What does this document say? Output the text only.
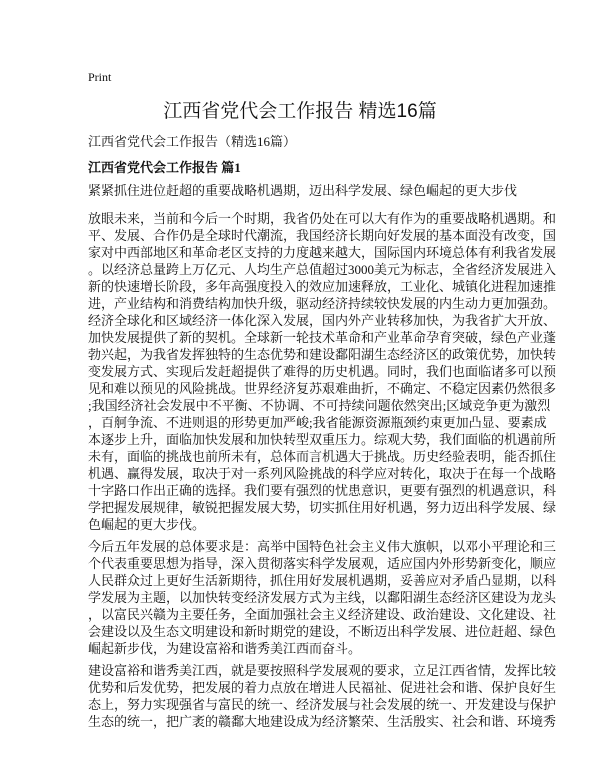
Print
江西省党代会工作报告 精选16篇
江西省党代会工作报告（精选16篇）
江西省党代会工作报告 篇1
紧紧抓住进位赶超的重要战略机遇期，迈出科学发展、绿色崛起的更大步伐
放眼未来，当前和今后一个时期，我省仍处在可以大有作为的重要战略机遇期。和
平、发展、合作仍是全球时代潮流，我国经济长期向好发展的基本面没有改变，国
家对中西部地区和革命老区支持的力度越来越大，国际国内环境总体有利我省发展
。以经济总量跨上万亿元、人均生产总值超过3000美元为标志，全省经济发展进入
新的快速增长阶段，多年高强度投入的效应加速释放，工业化、城镇化进程加速推
进，产业结构和消费结构加快升级，驱动经济持续较快发展的内生动力更加强劲。
经济全球化和区域经济一体化深入发展，国内外产业转移加快，为我省扩大开放、
加快发展提供了新的契机。全球新一轮技术革命和产业革命孕育突破，绿色产业蓬
勃兴起，为我省发挥独特的生态优势和建设鄱阳湖生态经济区的政策优势，加快转
变发展方式、实现后发赶超提供了难得的历史机遇。同时，我们也面临诸多可以预
见和难以预见的风险挑战。世界经济复苏艰难曲折，不确定、不稳定因素仍然很多
;我国经济社会发展中不平衡、不协调、不可持续问题依然突出;区域竞争更为激烈
，百舸争流、不进则退的形势更加严峻;我省能源资源瓶颈约束更加凸显、要素成
本逐步上升，面临加快发展和加快转型双重压力。综观大势，我们面临的机遇前所
未有，面临的挑战也前所未有，总体而言机遇大于挑战。历史经验表明，能否抓住
机遇、赢得发展，取决于对一系列风险挑战的科学应对转化，取决于在每一个战略
十字路口作出正确的选择。我们要有强烈的忧患意识，更要有强烈的机遇意识，科
学把握发展规律，敏锐把握发展大势，切实抓住用好机遇，努力迈出科学发展、绿
色崛起的更大步伐。
今后五年发展的总体要求是：高举中国特色社会主义伟大旗帜，以邓小平理论和三
个代表重要思想为指导，深入贯彻落实科学发展观，适应国内外形势新变化，顺应
人民群众过上更好生活新期待，抓住用好发展机遇期，妥善应对矛盾凸显期，以科
学发展为主题，以加快转变经济发展方式为主线，以鄱阳湖生态经济区建设为龙头
，以富民兴赣为主要任务，全面加强社会主义经济建设、政治建设、文化建设、社
会建设以及生态文明建设和新时期党的建设，不断迈出科学发展、进位赶超、绿色
崛起新步伐，为建设富裕和谐秀美江西而奋斗。
建设富裕和谐秀美江西，就是要按照科学发展观的要求，立足江西省情，发挥比较
优势和后发优势，把发展的着力点放在增进人民福祉、促进社会和谐、保护良好生
态上，努力实现强省与富民的统一、经济发展与社会发展的统一、开发建设与保护
生态的统一，把广袤的赣鄱大地建设成为经济繁荣、生活殷实、社会和谐、环境秀
